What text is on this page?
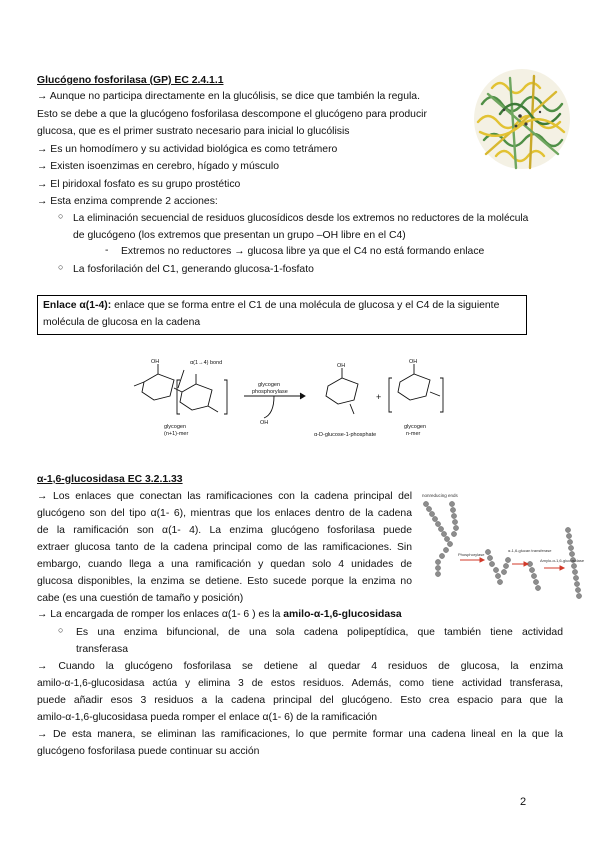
Glucógeno fosforilasa (GP) EC 2.4.1.1
→ Aunque no participa directamente en la glucólisis, se dice que también la regula.
Esto se debe a que la glucógeno fosforilasa descompone el glucógeno para producir
glucosa, que es el primer sustrato necesario para inicial lo glucólisis
→ Es un homodímero y su actividad biológica es como tetrámero
→ Existen isoenzimas en cerebro, hígado y músculo
→ El piridoxal fosfato es su grupo prostético
→ Esta enzima comprende 2 acciones:
○ La eliminación secuencial de residuos glucosídicos desde los extremos no reductores de la molécula
de glucógeno (los extremos que presentan un grupo –OH libre en el C4)
- Extremos no reductores → glucosa libre ya que el C4 no está formando enlace
○ La fosforilación del C1, generando glucosa-1-fosfato
Enlace α(1-4): enlace que se forma entre el C1 de una molécula de glucosa y el C4 de la siguiente
molécula de glucosa en la cadena
α(1→4) bond
glycogen
phosphorylase
glycogen
(n+1)-mer	α-D-glucose-1-phosphate
glycogen
n-mer
OH
OH
OH
OH
+
α-1,6-glucosidasa EC 3.2.1.33
→ Los enlaces que conectan las ramificaciones con la cadena principal del
glucógeno son del tipo α(1- 6), mientras que los enlaces dentro de la cadena
de la ramificación son α(1- 4). La enzima glucógeno fosforilasa puede
extraer glucosa tanto de la cadena principal como de las ramificaciones. Sin
embargo, cuando llega a una ramificación y quedan solo 4 unidades de
glucosa disponibles, la enzima se detiene. Esto sucede porque la enzima no
cabe (es una cuestión de tamaño y posición)
→ La encargada de romper los enlaces α(1- 6 ) es la amilo-α-1,6-glucosidasa
○ Es una enzima bifuncional, de una sola cadena polipeptídica, que también tiene actividad
transferasa
→ Cuando la glucógeno fosforilasa se detiene al quedar 4 residuos de glucosa, la enzima
amilo-α-1,6-glucosidasa actúa y elimina 3 de estos residuos. Además, como tiene actividad transferasa,
puede añadir esos 3 residuos a la cadena principal del glucógeno. Esto crea espacio para que la
amilo-α-1,6-glucosidasa pueda romper el enlace α(1- 6) de la ramificación
→ De esta manera, se eliminan las ramificaciones, lo que permite formar una cadena lineal en la que la
glucógeno fosforilasa puede continuar su acción
nonreducing ends
Phosphorylase
α-1,6-glucan transferase
Amylo-α-1,6-glucosidase
2
